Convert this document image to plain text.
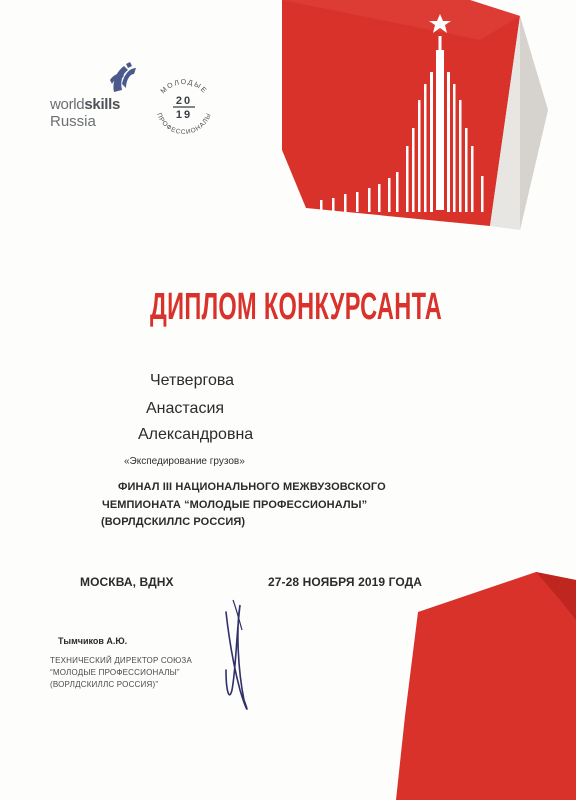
worldskills
Russia
МОЛОДЫЕ
ПРОФЕССИОНАЛЫ
20
19
ДИПЛОМ КОНКУРСАНТА
Четвергова
Анастасия
Александровна
«Экспедирование грузов»
ФИНАЛ III НАЦИОНАЛЬНОГО МЕЖВУЗОВСКОГО
ЧЕМПИОНАТА “МОЛОДЫЕ ПРОФЕССИОНАЛЫ”
(ВОРЛДСКИЛЛС РОССИЯ)
МОСКВА, ВДНХ	27-28 НОЯБРЯ 2019 ГОДА
Тымчиков А.Ю.
ТЕХНИЧЕСКИЙ ДИРЕКТОР СОЮЗА
“МОЛОДЫЕ ПРОФЕССИОНАЛЫ”
(ВОРЛДСКИЛЛС РОССИЯ)”
